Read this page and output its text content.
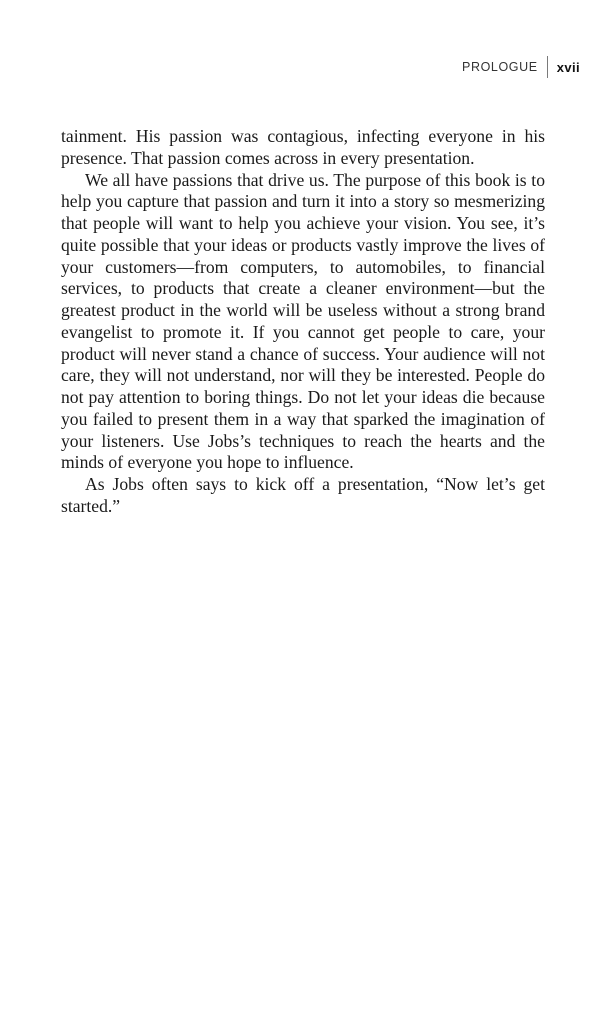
PROLOGUE	xvii

tainment. His passion was contagious, infecting everyone in his presence. That passion comes across in every presentation.

We all have passions that drive us. The purpose of this book is to help you capture that passion and turn it into a story so mesmerizing that people will want to help you achieve your vision. You see, it’s quite possible that your ideas or products vastly improve the lives of your customers—from computers, to automobiles, to financial services, to products that create a cleaner environment—but the greatest product in the world will be useless without a strong brand evangelist to promote it. If you cannot get people to care, your product will never stand a chance of success. Your audience will not care, they will not understand, nor will they be interested. People do not pay attention to boring things. Do not let your ideas die because you failed to present them in a way that sparked the imagination of your listeners. Use Jobs’s techniques to reach the hearts and the minds of everyone you hope to influence.

As Jobs often says to kick off a presentation, “Now let’s get started.”
